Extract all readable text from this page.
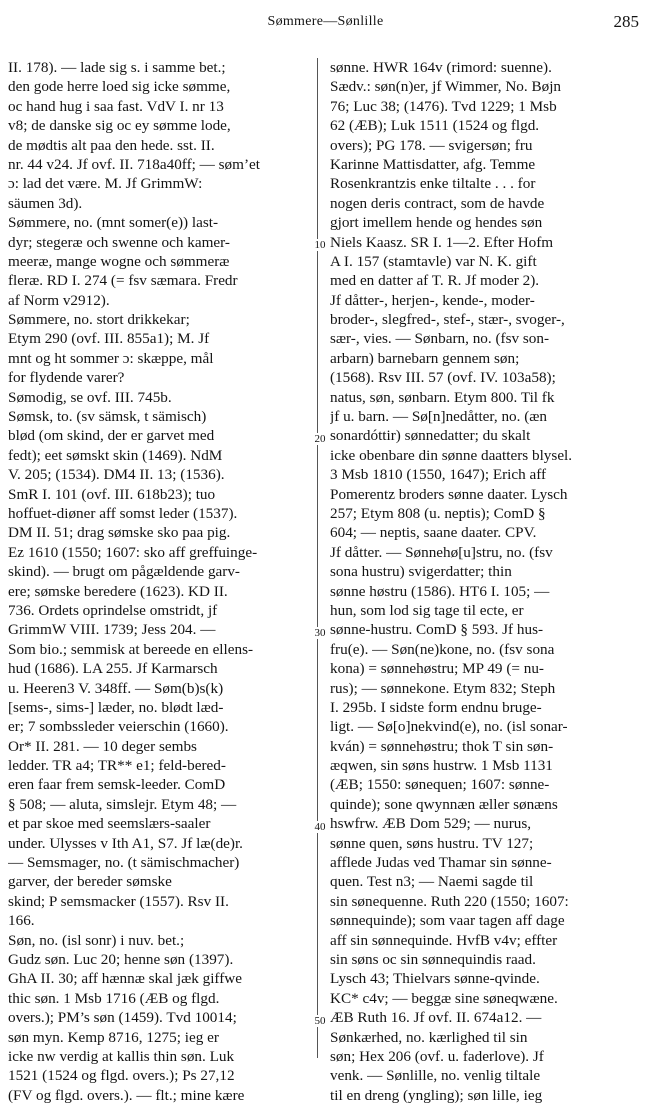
Sømmere—Sønlille	285
10
20
30
40
50
II. 178). — lade sig s. i samme bet.;
den gode herre loed sig icke sømme,
oc hand hug i saa fast. VdV I. nr 13
v8; de danske sig oc ey sømme lode,
de mødtis alt paa den hede. sst. II.
nr. 44 v24. Jf ovf. II. 718a40ff; — søm’et
ɔ: lad det være. M. Jf GrimmW:
säumen 3d).
Sømmere, no. (mnt somer(e)) last-
dyr; stegeræ och swenne och kamer-
meeræ, mange wogne och sømmeræ
fleræ. RD I. 274 (= fsv sæmara. Fredr
af Norm v2912).
Sømmere, no. stort drikkekar;
Etym 290 (ovf. III. 855a1); M. Jf
mnt og ht sommer ɔ: skæppe, mål
for flydende varer?
Sømodig, se ovf. III. 745b.
Sømsk, to. (sv sämsk, t sämisch)
blød (om skind, der er garvet med
fedt); eet sømskt skin (1469). NdM
V. 205; (1534). DM4 II. 13; (1536).
SmR I. 101 (ovf. III. 618b23); tuo
hoffuet-diøner aff somst leder (1537).
DM II. 51; drag sømske sko paa pig.
Ez 1610 (1550; 1607: sko aff greffuinge-
skind). — brugt om pågældende garv-
ere; sømske beredere (1623). KD II.
736. Ordets oprindelse omstridt, jf
GrimmW VIII. 1739; Jess 204. —
Som bio.; semmisk at bereede en ellens-
hud (1686). LA 255. Jf Karmarsch
u. Heeren3 V. 348ff. — Søm(b)s(k)
[sems-, sims-] læder, no. blødt læd-
er; 7 sombssleder veierschin (1660).
Or* II. 281. — 10 deger sembs
ledder. TR a4; TR** e1; feld-bered-
eren faar frem semsk-leeder. ComD
§ 508; — aluta, simslejr. Etym 48; —
et par skoe med seemslærs-saaler
under. Ulysses v Ith A1, S7. Jf læ(de)r.
— Semsmager, no. (t sämischmacher)
garver, der bereder sømske
skind; P semsmacker (1557). Rsv II.
166.
Søn, no. (isl sonr) i nuv. bet.;
Gudz søn. Luc 20; henne søn (1397).
GhA II. 30; aff hænnæ skal jæk giffwe
thic søn. 1 Msb 1716 (ÆB og flgd.
overs.); PM’s søn (1459). Tvd 10014;
søn myn. Kemp 8716, 1275; ieg er
icke nw verdig at kallis thin søn. Luk
1521 (1524 og flgd. overs.); Ps 27,12
(FV og flgd. overs.). — flt.; mine kære
sønne. HWR 164v (rimord: suenne).
Sædv.: søn(n)er, jf Wimmer, No. Bøjn
76; Luc 38; (1476). Tvd 1229; 1 Msb
62 (ÆB); Luk 1511 (1524 og flgd.
overs); PG 178. — svigersøn; fru
Karinne Mattisdatter, afg. Temme
Rosenkrantzis enke tiltalte . . . for
nogen deris contract, som de havde
gjort imellem hende og hendes søn
Niels Kaasz. SR I. 1—2. Efter Hofm
A I. 157 (stamtavle) var N. K. gift
med en datter af T. R. Jf moder 2).
Jf dåtter-, herjen-, kende-, moder-
broder-, slegfred-, stef-, stær-, svoger-,
sær-, vies. — Sønbarn, no. (fsv son-
arbarn) barnebarn gennem søn;
(1568). Rsv III. 57 (ovf. IV. 103a58);
natus, søn, sønbarn. Etym 800. Til fk
jf u. barn. — Sø[n]nedåtter, no. (æn
sonardóttir) sønnedatter; du skalt
icke obenbare din sønne daatters blysel.
3 Msb 1810 (1550, 1647); Erich aff
Pomerentz broders sønne daater. Lysch
257; Etym 808 (u. neptis); ComD §
604; — neptis, saane daater. CPV.
Jf dåtter. — Sønnehø[u]stru, no. (fsv
sona hustru) svigerdatter; thin
sønne høstru (1586). HT6 I. 105; —
hun, som lod sig tage til ecte, er
sønne-hustru. ComD § 593. Jf hus-
fru(e). — Søn(ne)kone, no. (fsv sona
kona) = sønnehøstru; MP 49 (= nu-
rus); — sønnekone. Etym 832; Steph
I. 295b. I sidste form endnu bruge-
ligt. — Sø[o]nekvind(e), no. (isl sonar-
kván) = sønnehøstru; thok T sin søn-
æqwen, sin søns hustrw. 1 Msb 1131
(ÆB; 1550: sønequen; 1607: sønne-
quinde); sone qwynnæn æller sønæns
hswfrw. ÆB Dom 529; — nurus,
sønne quen, søns hustru. TV 127;
afflede Judas ved Thamar sin sønne-
quen. Test n3; — Naemi sagde til
sin sønequenne. Ruth 220 (1550; 1607:
sønnequinde); som vaar tagen aff dage
aff sin sønnequinde. HvfB v4v; effter
sin søns oc sin sønnequindis raad.
Lysch 43; Thielvars sønne-qvinde.
KC* c4v; — beggæ sine søneqwæne.
ÆB Ruth 16. Jf ovf. II. 674a12. —
Sønkærhed, no. kærlighed til sin
søn; Hex 206 (ovf. u. faderlove). Jf
venk. — Sønlille, no. venlig tiltale
til en dreng (yngling); søn lille, ieg
